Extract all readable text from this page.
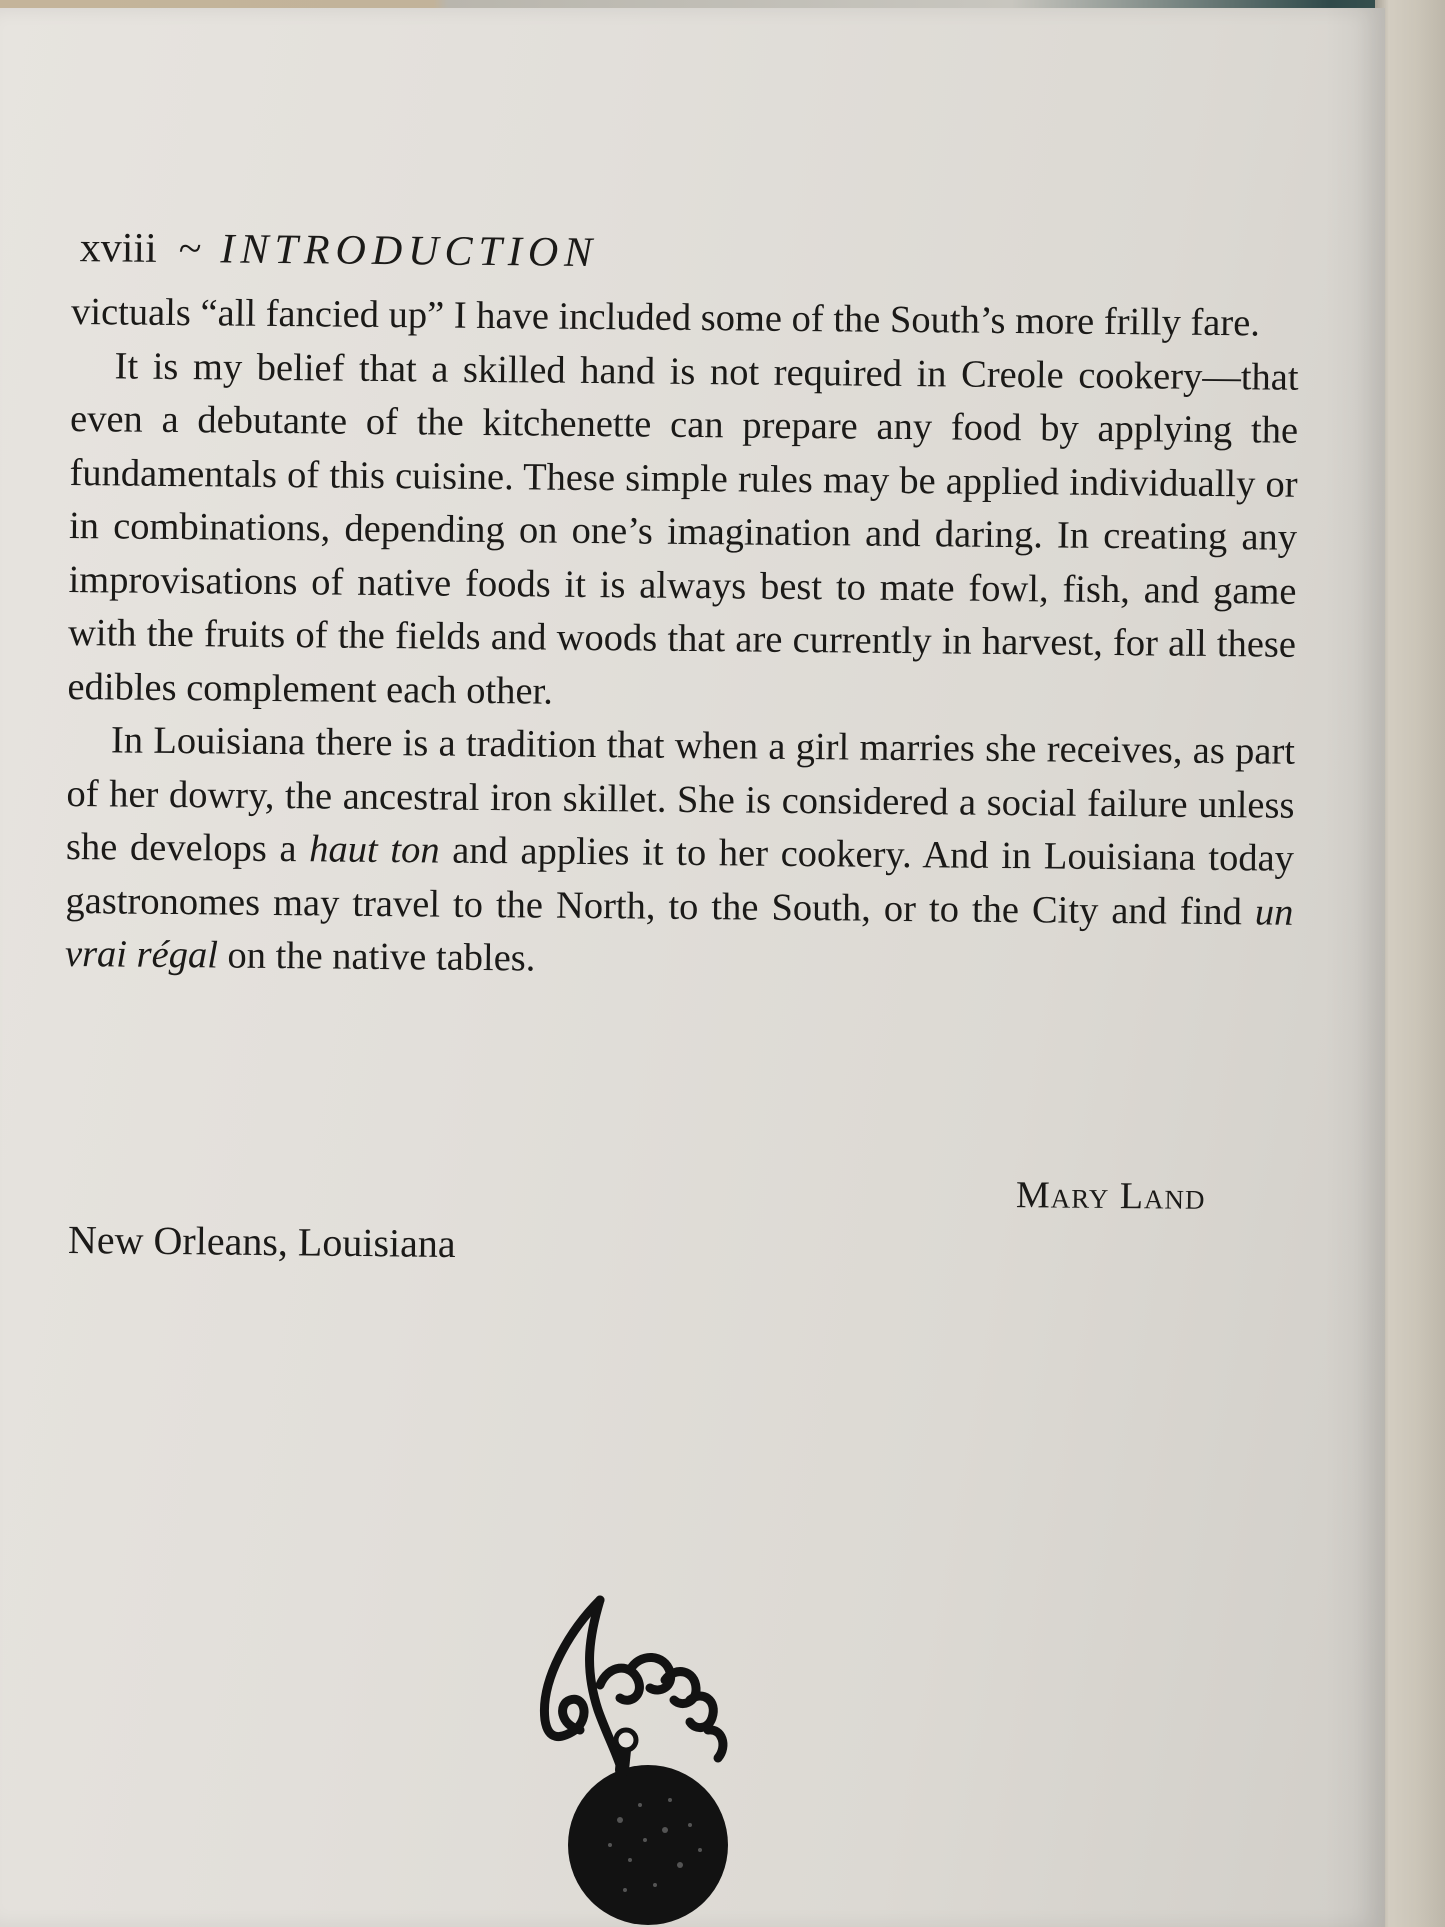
xviii ~ INTRODUCTION

victuals “all fancied up” I have included some of the South’s more frilly fare.

It is my belief that a skilled hand is not required in Creole cookery—that even a debutante of the kitchenette can prepare any food by applying the fundamentals of this cuisine. These simple rules may be applied individually or in combinations, depending on one’s imagination and daring. In creating any improvisations of native foods it is always best to mate fowl, fish, and game with the fruits of the fields and woods that are currently in harvest, for all these edibles complement each other.

In Louisiana there is a tradition that when a girl marries she receives, as part of her dowry, the ancestral iron skillet. She is considered a social failure unless she develops a haut ton and applies it to her cookery. And in Louisiana today gastronomes may travel to the North, to the South, or to the City and find un vrai régal on the native tables.

Mary Land
New Orleans, Louisiana
